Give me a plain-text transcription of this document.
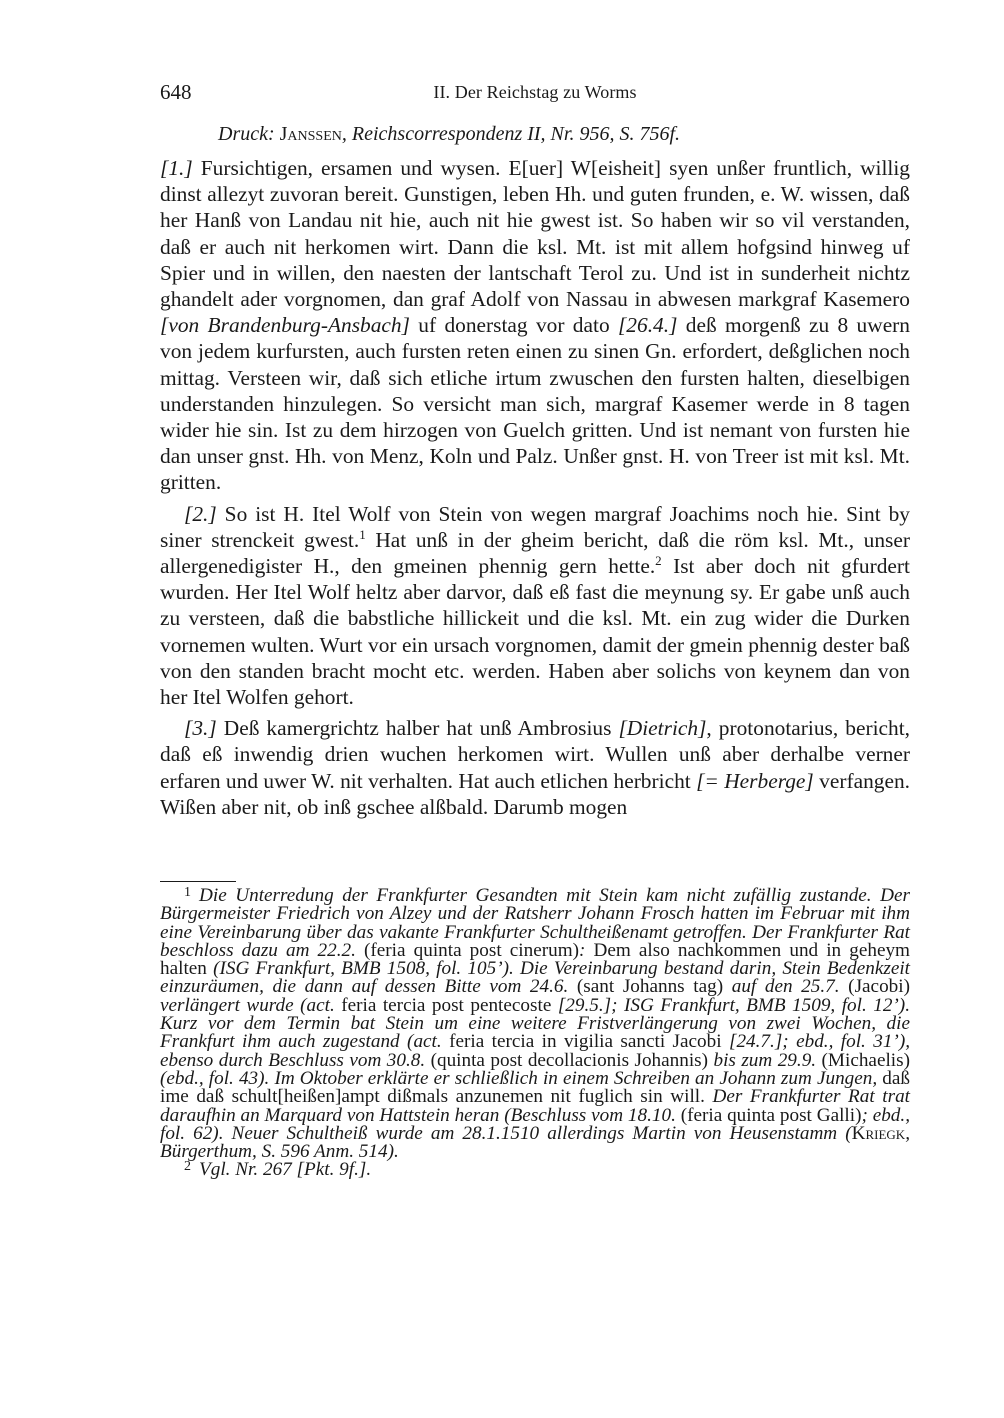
648	II. Der Reichstag zu Worms
Druck: Janssen, Reichscorrespondenz II, Nr. 956, S. 756f.

[1.] Fursichtigen, ersamen und wysen. E[uer] W[eisheit] syen unßer fruntlich, willig dinst allezyt zuvoran bereit. Gunstigen, leben Hh. und guten frunden, e. W. wissen, daß her Hanß von Landau nit hie, auch nit hie gwest ist. So haben wir so vil verstanden, daß er auch nit herkomen wirt. Dann die ksl. Mt. ist mit allem hofgsind hinweg uf Spier und in willen, den naesten der lantschaft Terol zu. Und ist in sunderheit nichtz ghandelt ader vorgnomen, dan graf Adolf von Nassau in abwesen markgraf Kasemero [von Brandenburg-Ansbach] uf donerstag vor dato [26.4.] deß morgenß zu 8 uwern von jedem kurfursten, auch fursten reten einen zu sinen Gn. erfordert, deßglichen noch mittag. Versteen wir, daß sich etliche irtum zwuschen den fursten halten, dieselbigen understanden hinzulegen. So versicht man sich, margraf Kasemer werde in 8 tagen wider hie sin. Ist zu dem hirzogen von Guelch gritten. Und ist nemant von fursten hie dan unser gnst. Hh. von Menz, Koln und Palz. Unßer gnst. H. von Treer ist mit ksl. Mt. gritten.

[2.] So ist H. Itel Wolf von Stein von wegen margraf Joachims noch hie. Sint by siner strenckeit gwest.$^1$ Hat unß in der gheim bericht, daß die röm ksl. Mt., unser allergenedigister H., den gmeinen phennig gern hette.$^2$ Ist aber doch nit gfurdert wurden. Her Itel Wolf heltz aber darvor, daß eß fast die meynung sy. Er gabe unß auch zu versteen, daß die babstliche hillickeit und die ksl. Mt. ein zug wider die Durken vornemen wulten. Wurt vor ein ursach vorgnomen, damit der gmein phennig dester baß von den standen bracht mocht etc. werden. Haben aber solichs von keynem dan von her Itel Wolfen gehort.

[3.] Deß kamergrichtz halber hat unß Ambrosius [Dietrich], protonotarius, bericht, daß eß inwendig drien wuchen herkomen wirt. Wullen unß aber derhalbe verner erfaren und uwer W. nit verhalten. Hat auch etlichen herbricht [= Herberge] verfangen. Wißen aber nit, ob inß gschee alßbald. Darumb mogen

$^1$ Die Unterredung der Frankfurter Gesandten mit Stein kam nicht zufällig zustande. Der Bürgermeister Friedrich von Alzey und der Ratsherr Johann Frosch hatten im Februar mit ihm eine Vereinbarung über das vakante Frankfurter Schultheißenamt getroffen. Der Frankfurter Rat beschloss dazu am 22.2. (feria quinta post cinerum): Dem also nachkommen und in geheym halten (ISG Frankfurt, BMB 1508, fol. 105’). Die Vereinbarung bestand darin, Stein Bedenkzeit einzuräumen, die dann auf dessen Bitte vom 24.6. (sant Johanns tag) auf den 25.7. (Jacobi) verlängert wurde (act. feria tercia post pentecoste [29.5.]; ISG Frankfurt, BMB 1509, fol. 12’). Kurz vor dem Termin bat Stein um eine weitere Fristverlängerung von zwei Wochen, die Frankfurt ihm auch zugestand (act. feria tercia in vigilia sancti Jacobi [24.7.]; ebd., fol. 31’), ebenso durch Beschluss vom 30.8. (quinta post decollacionis Johannis) bis zum 29.9. (Michaelis) (ebd., fol. 43). Im Oktober erklärte er schließlich in einem Schreiben an Johann zum Jungen, daß ime daß schult[heißen]ampt dißmals anzunemen nit fuglich sin will. Der Frankfurter Rat trat daraufhin an Marquard von Hattstein heran (Beschluss vom 18.10. (feria quinta post Galli); ebd., fol. 62). Neuer Schultheiß wurde am 28.1.1510 allerdings Martin von Heusenstamm (Kriegk, Bürgerthum, S. 596 Anm. 514).

$^2$ Vgl. Nr. 267 [Pkt. 9f.].
